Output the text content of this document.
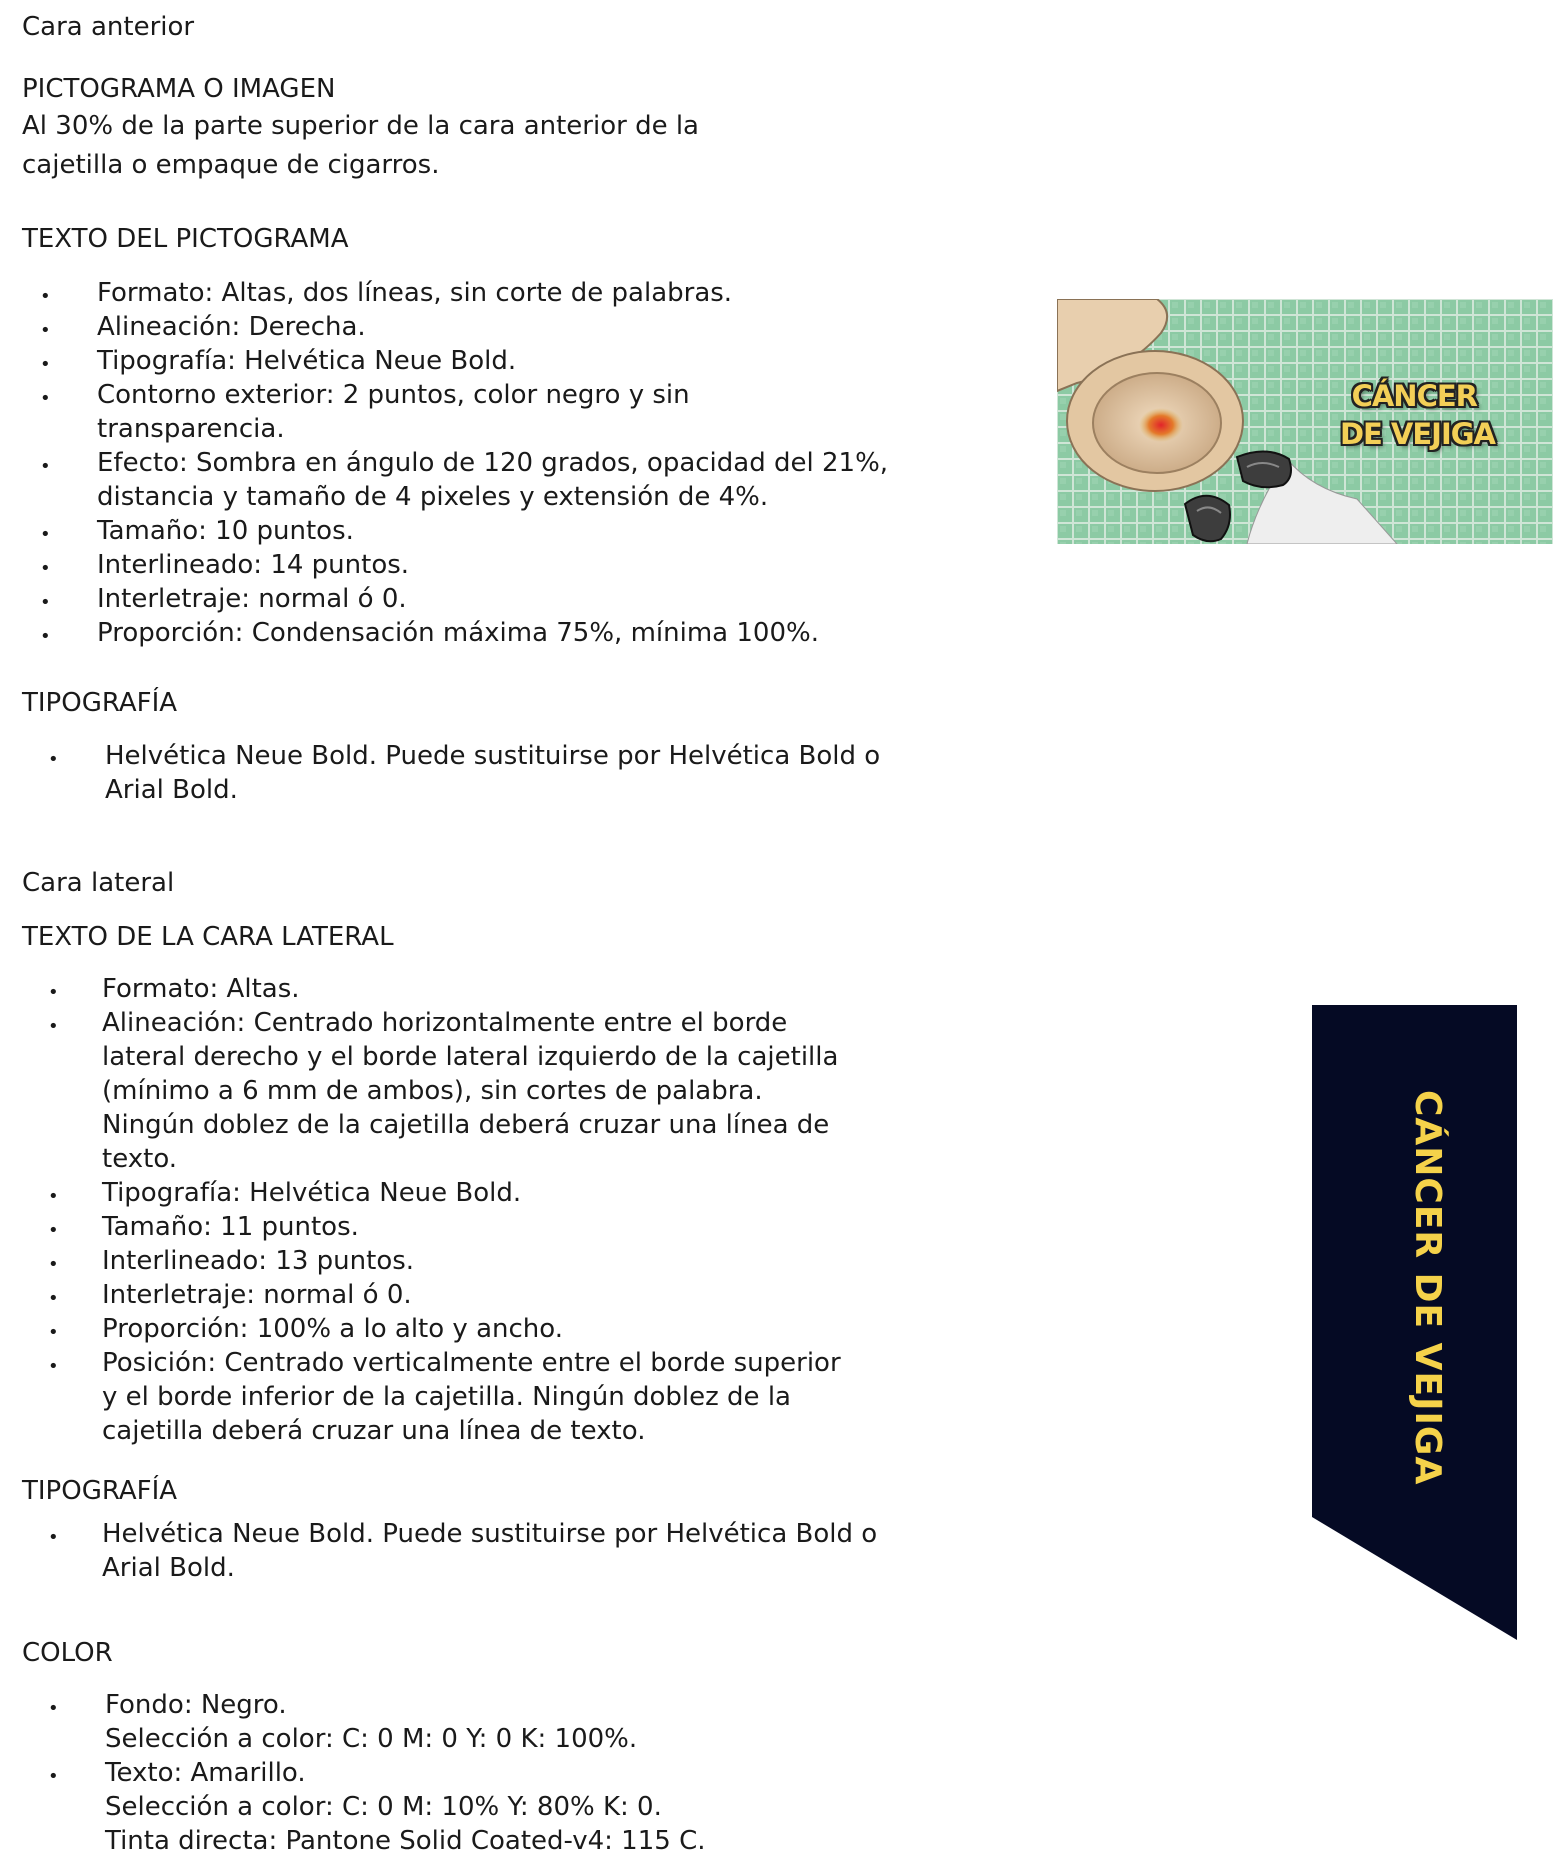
Cara anterior
PICTOGRAMA O IMAGEN
Al 30% de la parte superior de la cara anterior de la
cajetilla o empaque de cigarros.
TEXTO DEL PICTOGRAMA
• Formato: Altas, dos líneas, sin corte de palabras.
• Alineación: Derecha.
• Tipografía: Helvética Neue Bold.
• Contorno exterior: 2 puntos, color negro y sin
transparencia.
• Efecto: Sombra en ángulo de 120 grados, opacidad del 21%,
distancia y tamaño de 4 pixeles y extensión de 4%.
• Tamaño: 10 puntos.
• Interlineado: 14 puntos.
• Interletraje: normal ó 0.
• Proporción: Condensación máxima 75%, mínima 100%.
TIPOGRAFÍA
• Helvética Neue Bold. Puede sustituirse por Helvética Bold o
Arial Bold.
CÁNCER
DE VEJIGA
Cara lateral
TEXTO DE LA CARA LATERAL
• Formato: Altas.
• Alineación: Centrado horizontalmente entre el borde
lateral derecho y el borde lateral izquierdo de la cajetilla
(mínimo a 6 mm de ambos), sin cortes de palabra.
Ningún doblez de la cajetilla deberá cruzar una línea de
texto.
• Tipografía: Helvética Neue Bold.
• Tamaño: 11 puntos.
• Interlineado: 13 puntos.
• Interletraje: normal ó 0.
• Proporción: 100% a lo alto y ancho.
• Posición: Centrado verticalmente entre el borde superior
y el borde inferior de la cajetilla. Ningún doblez de la
cajetilla deberá cruzar una línea de texto.
TIPOGRAFÍA
• Helvética Neue Bold. Puede sustituirse por Helvética Bold o
Arial Bold.
COLOR
• Fondo: Negro.
Selección a color: C: 0 M: 0 Y: 0 K: 100%.
• Texto: Amarillo.
Selección a color: C: 0 M: 10% Y: 80% K: 0.
Tinta directa: Pantone Solid Coated-v4: 115 C.
CÁNCER DE VEJIGA
